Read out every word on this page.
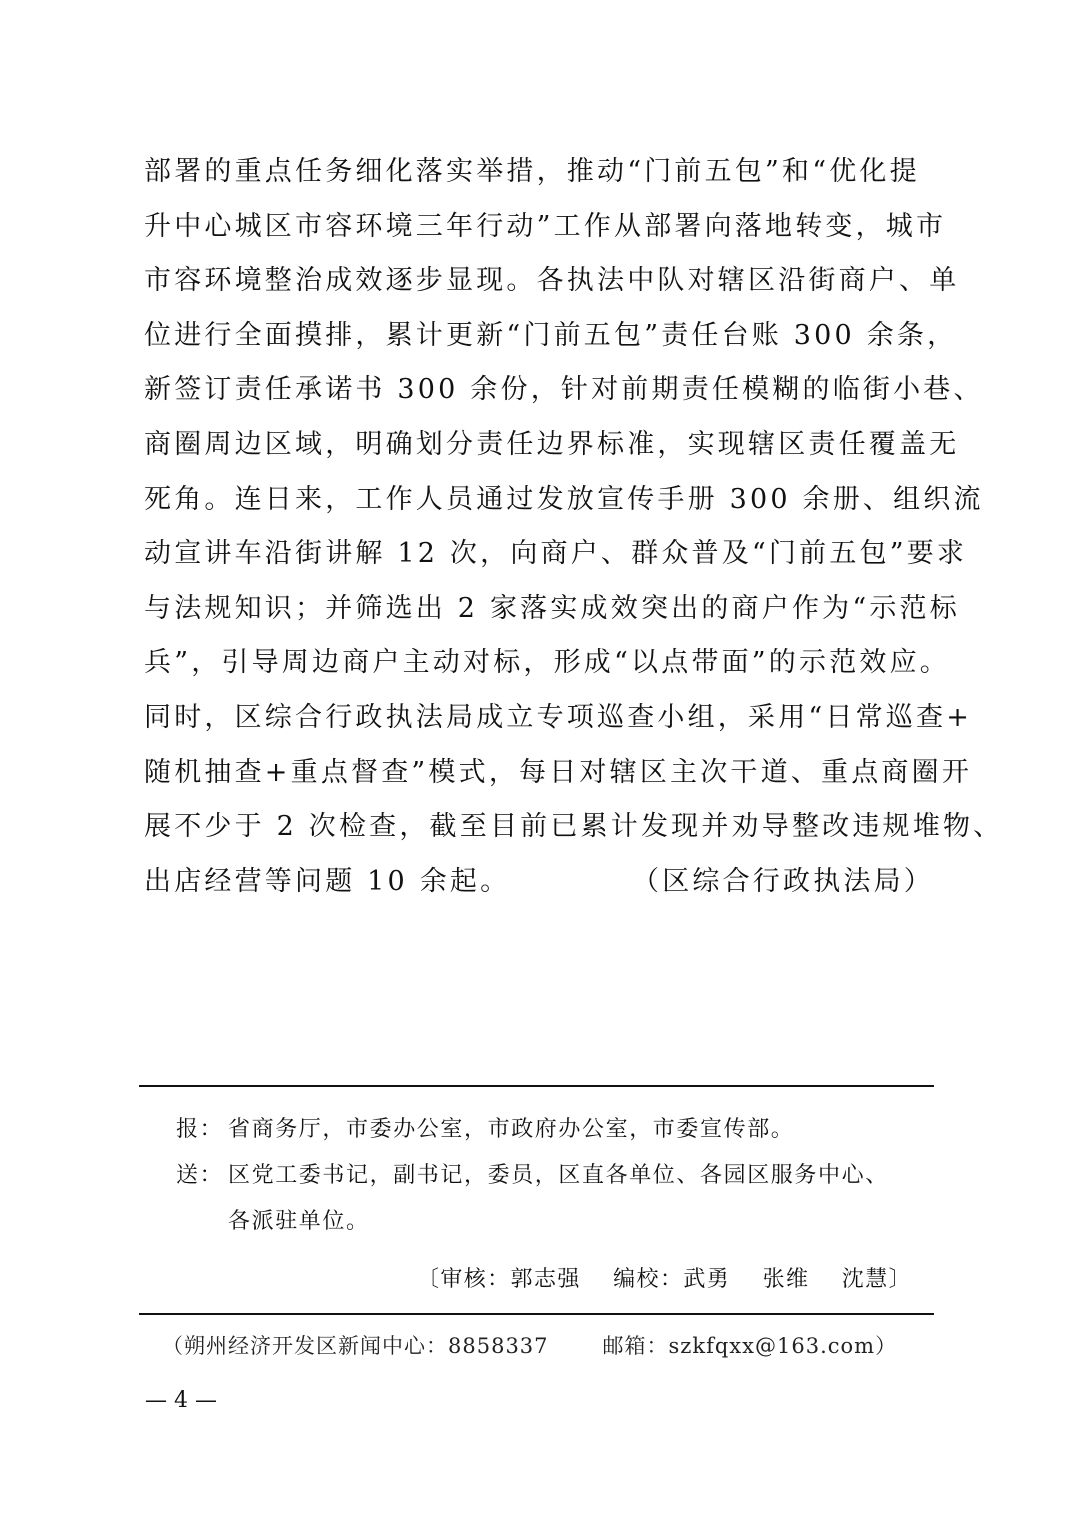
部署的重点任务细化落实举措，推动“门前五包”和“优化提
升中心城区市容环境三年行动”工作从部署向落地转变，城市
市容环境整治成效逐步显现。各执法中队对辖区沿街商户、单
位进行全面摸排，累计更新“门前五包”责任台账 300 余条，
新签订责任承诺书 300 余份，针对前期责任模糊的临街小巷、
商圈周边区域，明确划分责任边界标准，实现辖区责任覆盖无
死角。连日来，工作人员通过发放宣传手册 300 余册、组织流
动宣讲车沿街讲解 12 次，向商户、群众普及“门前五包”要求
与法规知识；并筛选出 2 家落实成效突出的商户作为“示范标
兵”，引导周边商户主动对标，形成“以点带面”的示范效应。
同时，区综合行政执法局成立专项巡查小组，采用“日常巡查+
随机抽查+重点督查”模式，每日对辖区主次干道、重点商圈开
展不少于 2 次检查，截至目前已累计发现并劝导整改违规堆物、
出店经营等问题 10 余起。	（区综合行政执法局）
报： 省商务厅，市委办公室，市政府办公室，市委宣传部。
送： 区党工委书记，副书记，委员，区直各单位、各园区服务中心、
各派驻单位。
〔审核：郭志强 编校：武勇 张维 沈慧〕
（朔州经济开发区新闻中心：8858337	邮箱：szkfqxx@163.com）
— 4 —
